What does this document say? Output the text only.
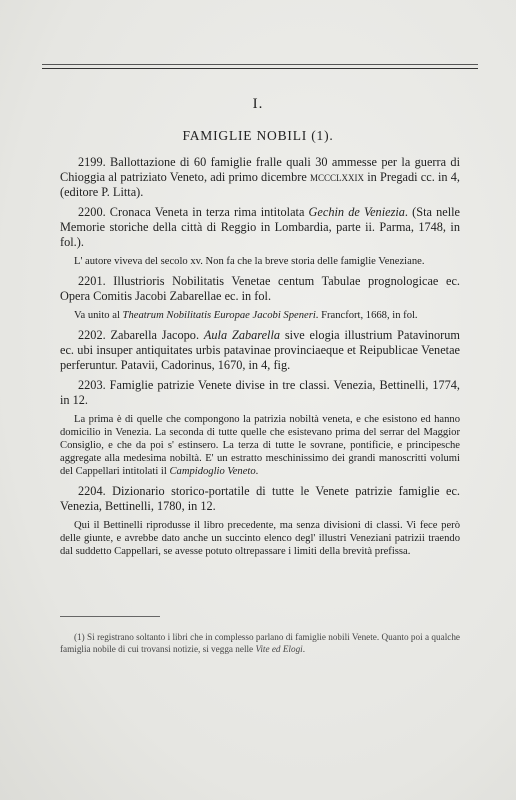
I.
FAMIGLIE NOBILI (1).

2199. Ballottazione di 60 famiglie fralle quali 30 ammesse per la guerra di Chioggia al patriziato Veneto, adi primo dicembre mccclxxix in Pregadi cc. in 4, (editore P. Litta).

2200. Cronaca Veneta in terza rima intitolata Gechin de Veniezia. (Sta nelle Memorie storiche della città di Reggio in Lombardia, parte ii. Parma, 1748, in fol.).

L' autore viveva del secolo xv. Non fa che la breve storia delle famiglie Veneziane.

2201. Illustrioris Nobilitatis Venetae centum Tabulae prognologicae ec. Opera Comitis Jacobi Zabarellae ec. in fol.

Va unito al Theatrum Nobilitatis Europae Jacobi Speneri. Francfort, 1668, in fol.

2202. Zabarella Jacopo. Aula Zabarella sive elogia illustrium Patavinorum ec. ubi insuper antiquitates urbis patavinae provinciaeque et Reipublicae Venetae perferuntur. Patavii, Cadorinus, 1670, in 4, fig.

2203. Famiglie patrizie Venete divise in tre classi. Venezia, Bettinelli, 1774, in 12.

La prima è di quelle che compongono la patrizia nobiltà veneta, e che esistono ed hanno domicilio in Venezia. La seconda di tutte quelle che esistevano prima del serrar del Maggior Consiglio, e che da poi s' estinsero. La terza di tutte le sovrane, pontificie, e principesche aggregate alla medesima nobiltà. E' un estratto meschinissimo dei grandi manoscritti volumi del Cappellari intitolati il Campidoglio Veneto.

2204. Dizionario storico-portatile di tutte le Venete patrizie famiglie ec. Venezia, Bettinelli, 1780, in 12.

Qui il Bettinelli riprodusse il libro precedente, ma senza divisioni di classi. Vi fece però delle giunte, e avrebbe dato anche un succinto elenco degl' illustri Veneziani patrizii traendo dal suddetto Cappellari, se avesse potuto oltrepassare i limiti della brevità prefissa.

(1) Si registrano soltanto i libri che in complesso parlano di famiglie nobili Venete. Quanto poi a qualche famiglia nobile di cui trovansi notizie, si vegga nelle Vite ed Elogi.
